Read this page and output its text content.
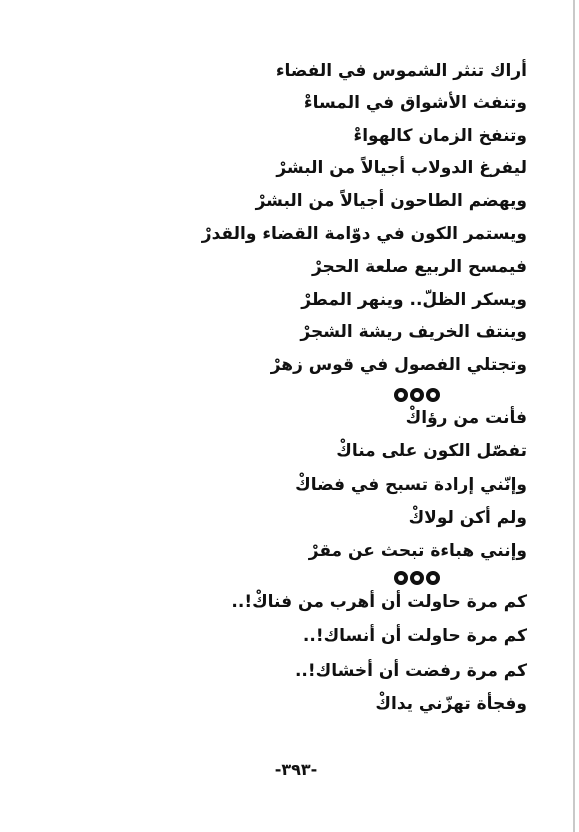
أراك تنثر الشموس في الفضاء
وتنفث الأشواق في المساءْ
وتنفخ الزمان كالهواءْ
ليفرغ الدولاب أجيالاً من البشرْ
ويهضم الطاحون أجيالاً من البشرْ
ويستمر الكون في دوّامة القضاء والقدرْ
فيمسح الربيع صلعة الحجرْ
ويسكر الظلّ.. وينهر المطرْ
وينتف الخريف ريشة الشجرْ
وتجتلي الفصول في قوس زهرْ
فأنت من رؤاكْ
تفصّل الكون على مناكْ
وإنّني إرادة تسبح في فضاكْ
ولم أكن لولاكْ
وإنني هباءة تبحث عن مقرْ
كم مرة حاولت أن أهرب من فناكْ!..
كم مرة حاولت أن أنساك!..
كم مرة رفضت أن أخشاك!..
وفجأة تهزّني يداكْ
-٣٩٣-
